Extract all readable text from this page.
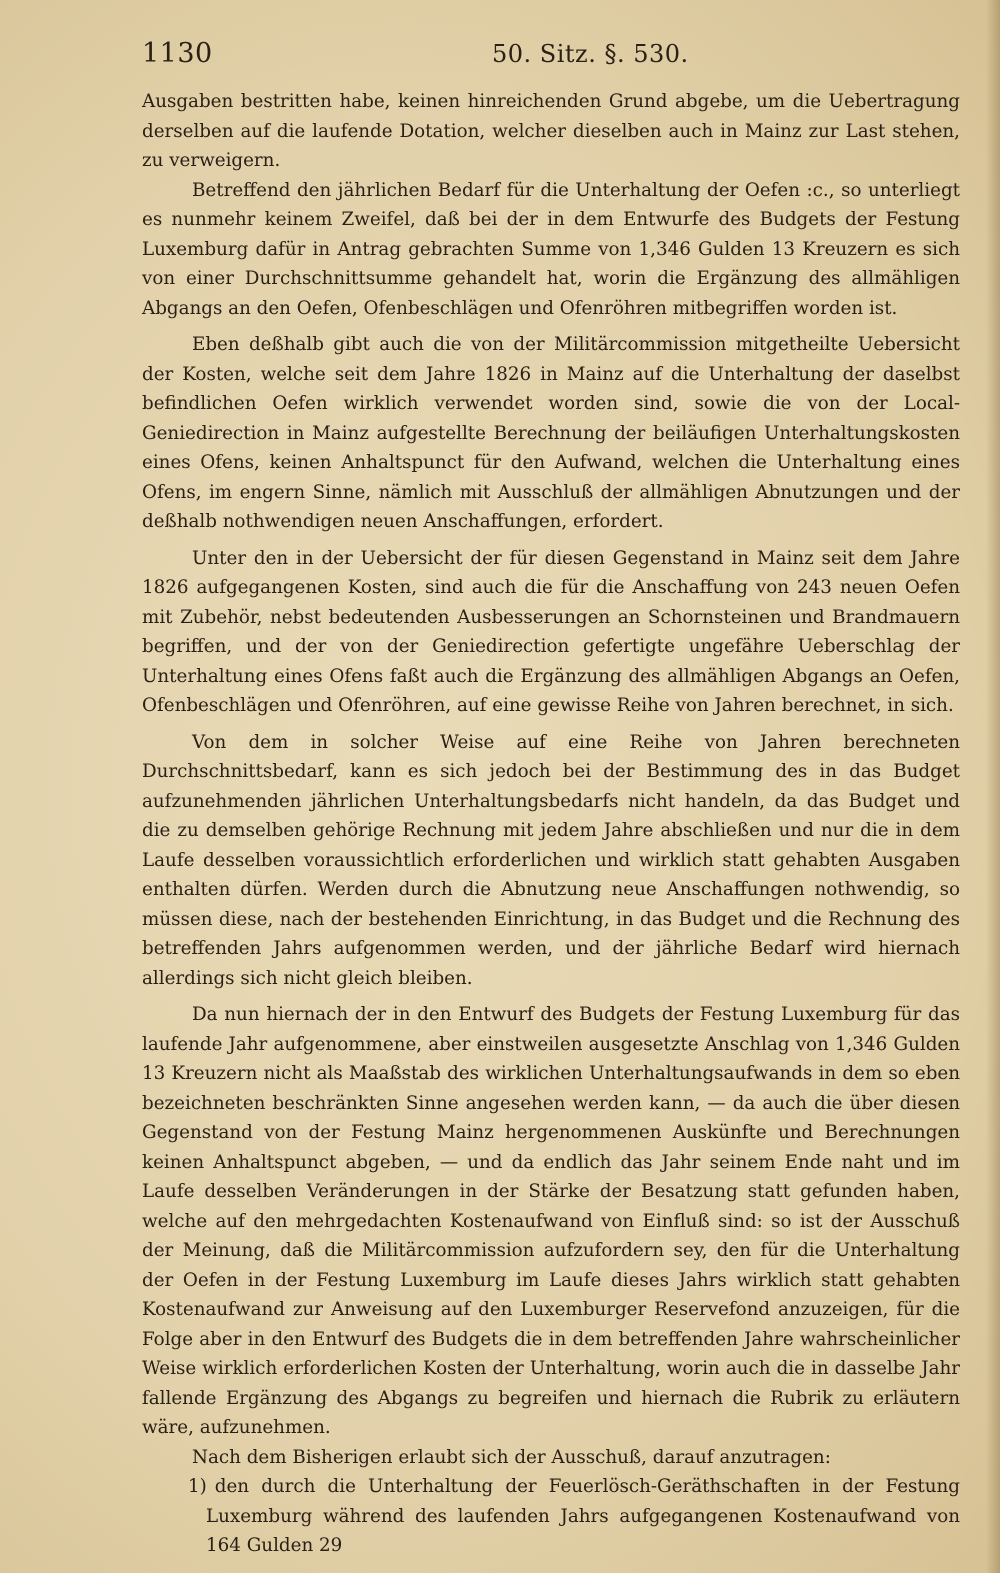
1130	50. Sitz. §. 530.

Ausgaben bestritten habe, keinen hinreichenden Grund abgebe, um die Uebertragung derselben auf die laufende Dotation, welcher dieselben auch in Mainz zur Last stehen, zu verweigern.

Betreffend den jährlichen Bedarf für die Unterhaltung der Oefen :c., so unterliegt es nunmehr keinem Zweifel, daß bei der in dem Entwurfe des Budgets der Festung Luxemburg dafür in Antrag gebrachten Summe von 1,346 Gulden 13 Kreuzern es sich von einer Durchschnittsumme gehandelt hat, worin die Ergänzung des allmähligen Abgangs an den Oefen, Ofenbeschlägen und Ofenröhren mitbegriffen worden ist.

Eben deßhalb gibt auch die von der Militärcommission mitgetheilte Uebersicht der Kosten, welche seit dem Jahre 1826 in Mainz auf die Unterhaltung der daselbst befindlichen Oefen wirklich verwendet worden sind, sowie die von der Local-Geniedirection in Mainz aufgestellte Berechnung der beiläufigen Unterhaltungskosten eines Ofens, keinen Anhaltspunct für den Aufwand, welchen die Unterhaltung eines Ofens, im engern Sinne, nämlich mit Ausschluß der allmähligen Abnutzungen und der deßhalb nothwendigen neuen Anschaffungen, erfordert.

Unter den in der Uebersicht der für diesen Gegenstand in Mainz seit dem Jahre 1826 aufgegangenen Kosten, sind auch die für die Anschaffung von 243 neuen Oefen mit Zubehör, nebst bedeutenden Ausbesserungen an Schornsteinen und Brandmauern begriffen, und der von der Geniedirection gefertigte ungefähre Ueberschlag der Unterhaltung eines Ofens faßt auch die Ergänzung des allmähligen Abgangs an Oefen, Ofenbeschlägen und Ofenröhren, auf eine gewisse Reihe von Jahren berechnet, in sich.

Von dem in solcher Weise auf eine Reihe von Jahren berechneten Durchschnittsbedarf, kann es sich jedoch bei der Bestimmung des in das Budget aufzunehmenden jährlichen Unterhaltungsbedarfs nicht handeln, da das Budget und die zu demselben gehörige Rechnung mit jedem Jahre abschließen und nur die in dem Laufe desselben voraussichtlich erforderlichen und wirklich statt gehabten Ausgaben enthalten dürfen. Werden durch die Abnutzung neue Anschaffungen nothwendig, so müssen diese, nach der bestehenden Einrichtung, in das Budget und die Rechnung des betreffenden Jahrs aufgenommen werden, und der jährliche Bedarf wird hiernach allerdings sich nicht gleich bleiben.

Da nun hiernach der in den Entwurf des Budgets der Festung Luxemburg für das laufende Jahr aufgenommene, aber einstweilen ausgesetzte Anschlag von 1,346 Gulden 13 Kreuzern nicht als Maaßstab des wirklichen Unterhaltungsaufwands in dem so eben bezeichneten beschränkten Sinne angesehen werden kann, — da auch die über diesen Gegenstand von der Festung Mainz hergenommenen Auskünfte und Berechnungen keinen Anhaltspunct abgeben, — und da endlich das Jahr seinem Ende naht und im Laufe desselben Veränderungen in der Stärke der Besatzung statt gefunden haben, welche auf den mehrgedachten Kostenaufwand von Einfluß sind: so ist der Ausschuß der Meinung, daß die Militärcommission aufzufordern sey, den für die Unterhaltung der Oefen in der Festung Luxemburg im Laufe dieses Jahrs wirklich statt gehabten Kostenaufwand zur Anweisung auf den Luxemburger Reservefond anzuzeigen, für die Folge aber in den Entwurf des Budgets die in dem betreffenden Jahre wahrscheinlicher Weise wirklich erforderlichen Kosten der Unterhaltung, worin auch die in dasselbe Jahr fallende Ergänzung des Abgangs zu begreifen und hiernach die Rubrik zu erläutern wäre, aufzunehmen.

Nach dem Bisherigen erlaubt sich der Ausschuß, darauf anzutragen:

1) den durch die Unterhaltung der Feuerlösch-Geräthschaften in der Festung Luxemburg während des laufenden Jahrs aufgegangenen Kostenaufwand von 164 Gulden 29
